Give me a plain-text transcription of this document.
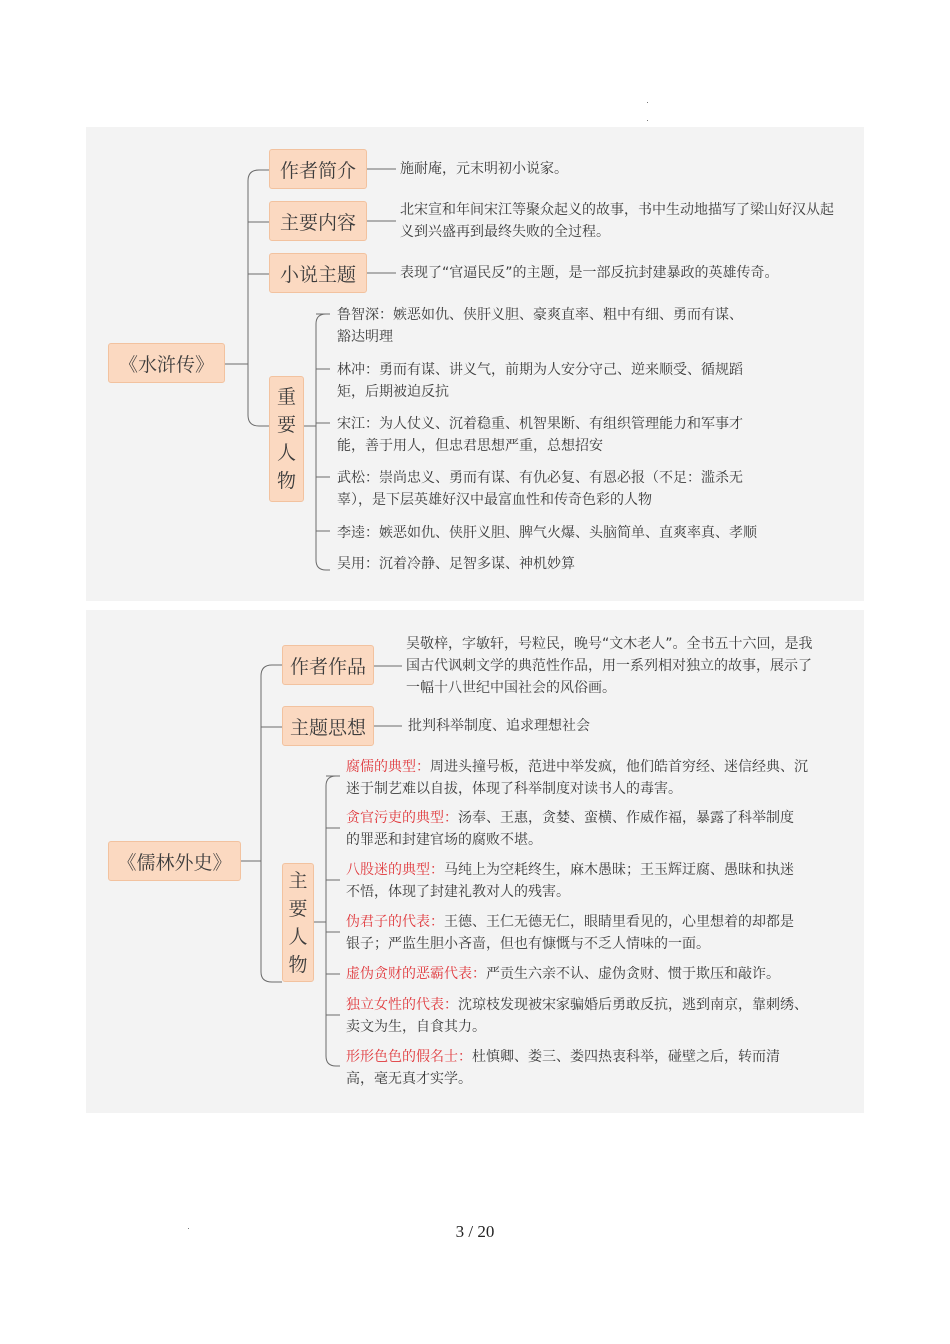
《水浒传》
作者简介	施耐庵，元末明初小说家。
主要内容
北宋宣和年间宋江等聚众起义的故事，书中生动地描写了梁山好汉从起义到兴盛再到最终失败的全过程。
小说主题	表现了“官逼民反”的主题，是一部反抗封建暴政的英雄传奇。
重
要
人
物
鲁智深：嫉恶如仇、侠肝义胆、豪爽直率、粗中有细、勇而有谋、豁达明理
林冲：勇而有谋、讲义气，前期为人安分守己、逆来顺受、循规蹈矩，后期被迫反抗
宋江：为人仗义、沉着稳重、机智果断、有组织管理能力和军事才能，善于用人，但忠君思想严重，总想招安
武松：崇尚忠义、勇而有谋、有仇必复、有恩必报（不足：滥杀无辜），是下层英雄好汉中最富血性和传奇色彩的人物
李逵：嫉恶如仇、侠肝义胆、脾气火爆、头脑简单、直爽率真、孝顺
吴用：沉着冷静、足智多谋、神机妙算
《儒林外史》
作者作品
吴敬梓，字敏轩，号粒民，晚号“文木老人”。全书五十六回，是我国古代讽刺文学的典范性作品，用一系列相对独立的故事，展示了一幅十八世纪中国社会的风俗画。
主题思想	批判科举制度、追求理想社会
主
要
人
物
腐儒的典型：周进头撞号板，范进中举发疯，他们皓首穷经、迷信经典、沉迷于制艺难以自拔，体现了科举制度对读书人的毒害。
贪官污吏的典型：汤奉、王惠，贪婪、蛮横、作威作福，暴露了科举制度的罪恶和封建官场的腐败不堪。
八股迷的典型：马纯上为空耗终生，麻木愚昧；王玉辉迂腐、愚昧和执迷不悟，体现了封建礼教对人的残害。
伪君子的代表：王德、王仁无德无仁，眼睛里看见的，心里想着的却都是银子；严监生胆小吝啬，但也有慷慨与不乏人情味的一面。
虚伪贪财的恶霸代表：严贡生六亲不认、虚伪贪财、惯于欺压和敲诈。
独立女性的代表：沈琼枝发现被宋家骗婚后勇敢反抗，逃到南京，靠刺绣、卖文为生，自食其力。
形形色色的假名士：杜慎卿、娄三、娄四热衷科举，碰壁之后，转而清高，毫无真才实学。
3 / 20
